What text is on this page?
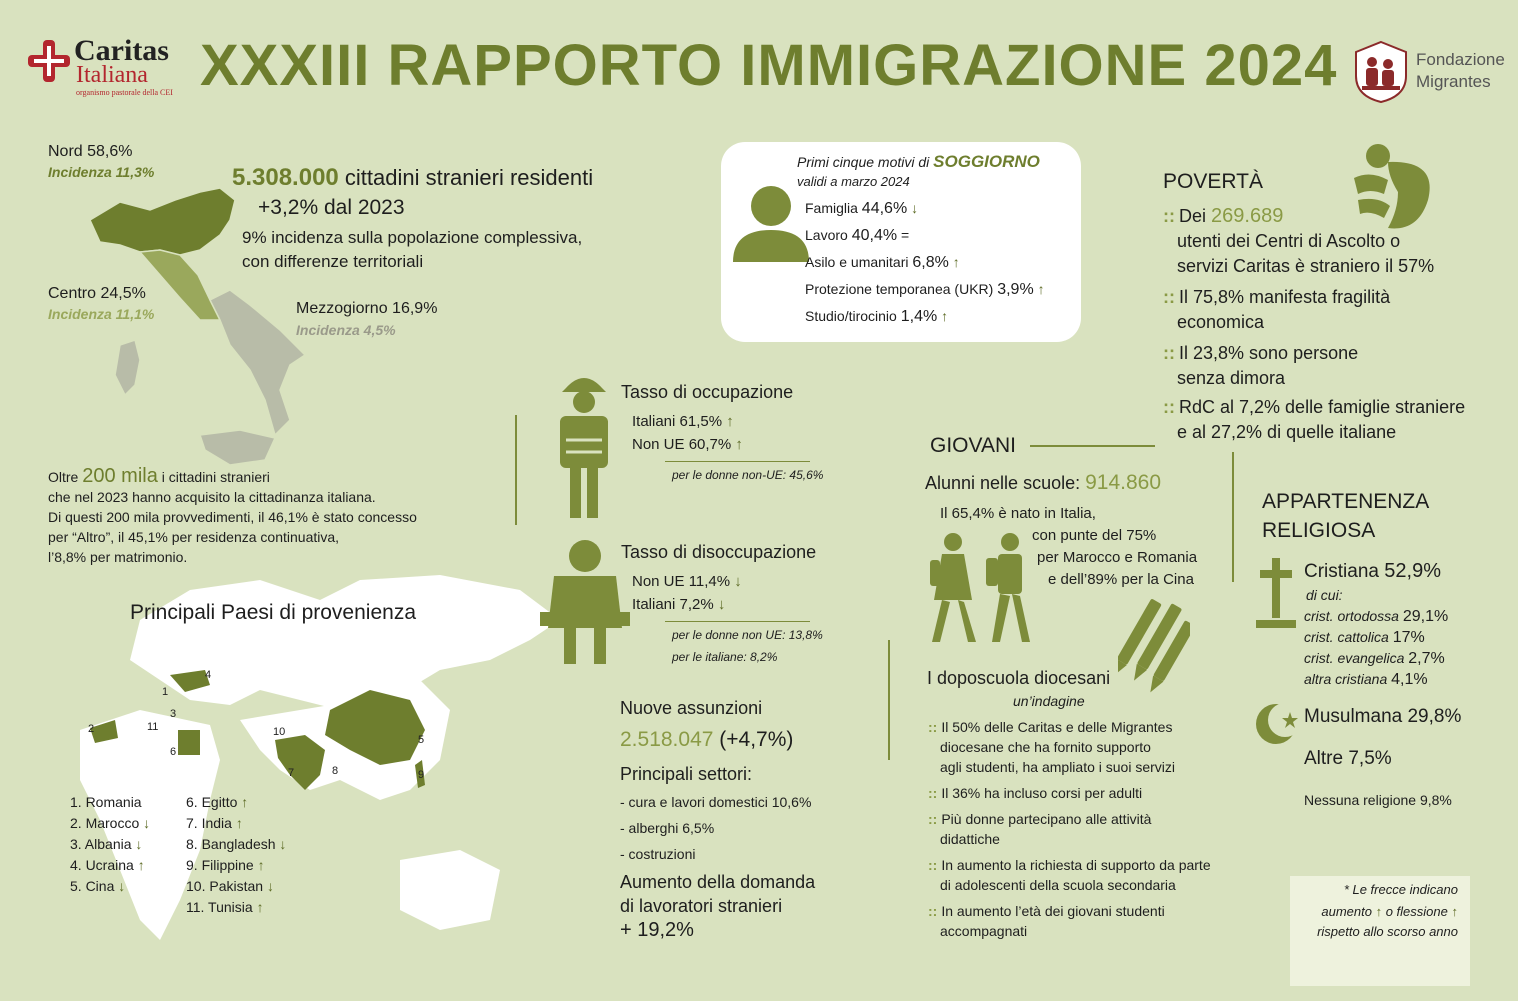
Caritas
Italiana
organismo pastorale della CEI XXXIII RAPPORTO IMMIGRAZIONE 2024	Fondazione
Migrantes
Nord 58,6%
Incidenza 11,3%
Centro 24,5%
Incidenza 11,1%	Mezzogiorno 16,9%
Incidenza 4,5%
5.308.000 cittadini stranieri residenti
+3,2% dal 2023
9% incidenza sulla popolazione complessiva,
con differenze territoriali
Oltre 200 mila i cittadini stranieri
che nel 2023 hanno acquisito la cittadinanza italiana.
Di questi 200 mila provvedimenti, il 46,1% è stato concesso
per “Altro”, il 45,1% per residenza continuativa,
l’8,8% per matrimonio.
1
2
3
4
5
6
7	8	9
10
11
Principali Paesi di provenienza
1. Romania
2. Marocco ↓
3. Albania ↓
4. Ucraina ↑
5. Cina ↓
6. Egitto ↑
7. India ↑
8. Bangladesh ↓
9. Filippine ↑
10. Pakistan ↓
11. Tunisia ↑
Primi cinque motivi di SOGGIORNO
validi a marzo 2024
Famiglia 44,6% ↓
Lavoro 40,4% =
Asilo e umanitari 6,8% ↑
Protezione temporanea (UKR) 3,9% ↑
Studio/tirocinio 1,4% ↑
Tasso di occupazione
Italiani 61,5% ↑
Non UE 60,7% ↑
per le donne non-UE: 45,6%
Tasso di disoccupazione
Non UE 11,4% ↓
Italiani 7,2% ↓
per le donne non UE: 13,8%
per le italiane: 8,2%
Nuove assunzioni
2.518.047 (+4,7%)
Principali settori:
- cura e lavori domestici 10,6%
- alberghi 6,5%
- costruzioni
Aumento della domanda
di lavoratori stranieri
+ 19,2%
POVERTÀ
:: Dei 269.689
utenti dei Centri di Ascolto o
servizi Caritas è straniero il 57%
:: Il 75,8% manifesta fragilità
economica
:: Il 23,8% sono persone
senza dimora
:: RdC al 7,2% delle famiglie straniere
e al 27,2% di quelle italiane
GIOVANI
Alunni nelle scuole: 914.860
Il 65,4% è nato in Italia,
con punte del 75%
per Marocco e Romania
e dell’89% per la Cina
I doposcuola diocesani
un’indagine
:: Il 50% delle Caritas e delle Migrantes
diocesane che ha fornito supporto
agli studenti, ha ampliato i suoi servizi
:: Il 36% ha incluso corsi per adulti
:: Più donne partecipano alle attività
didattiche
:: In aumento la richiesta di supporto da parte
di adolescenti della scuola secondaria
:: In aumento l’età dei giovani studenti
accompagnati
APPARTENENZA
RELIGIOSA
Cristiana 52,9%
di cui:
crist. ortodossa 29,1%
crist. cattolica 17%
crist. evangelica 2,7%
altra cristiana 4,1%
Musulmana 29,8%
Altre 7,5%
Nessuna religione 9,8%
* Le frecce indicano
aumento ↑ o flessione ↑
rispetto allo scorso anno
